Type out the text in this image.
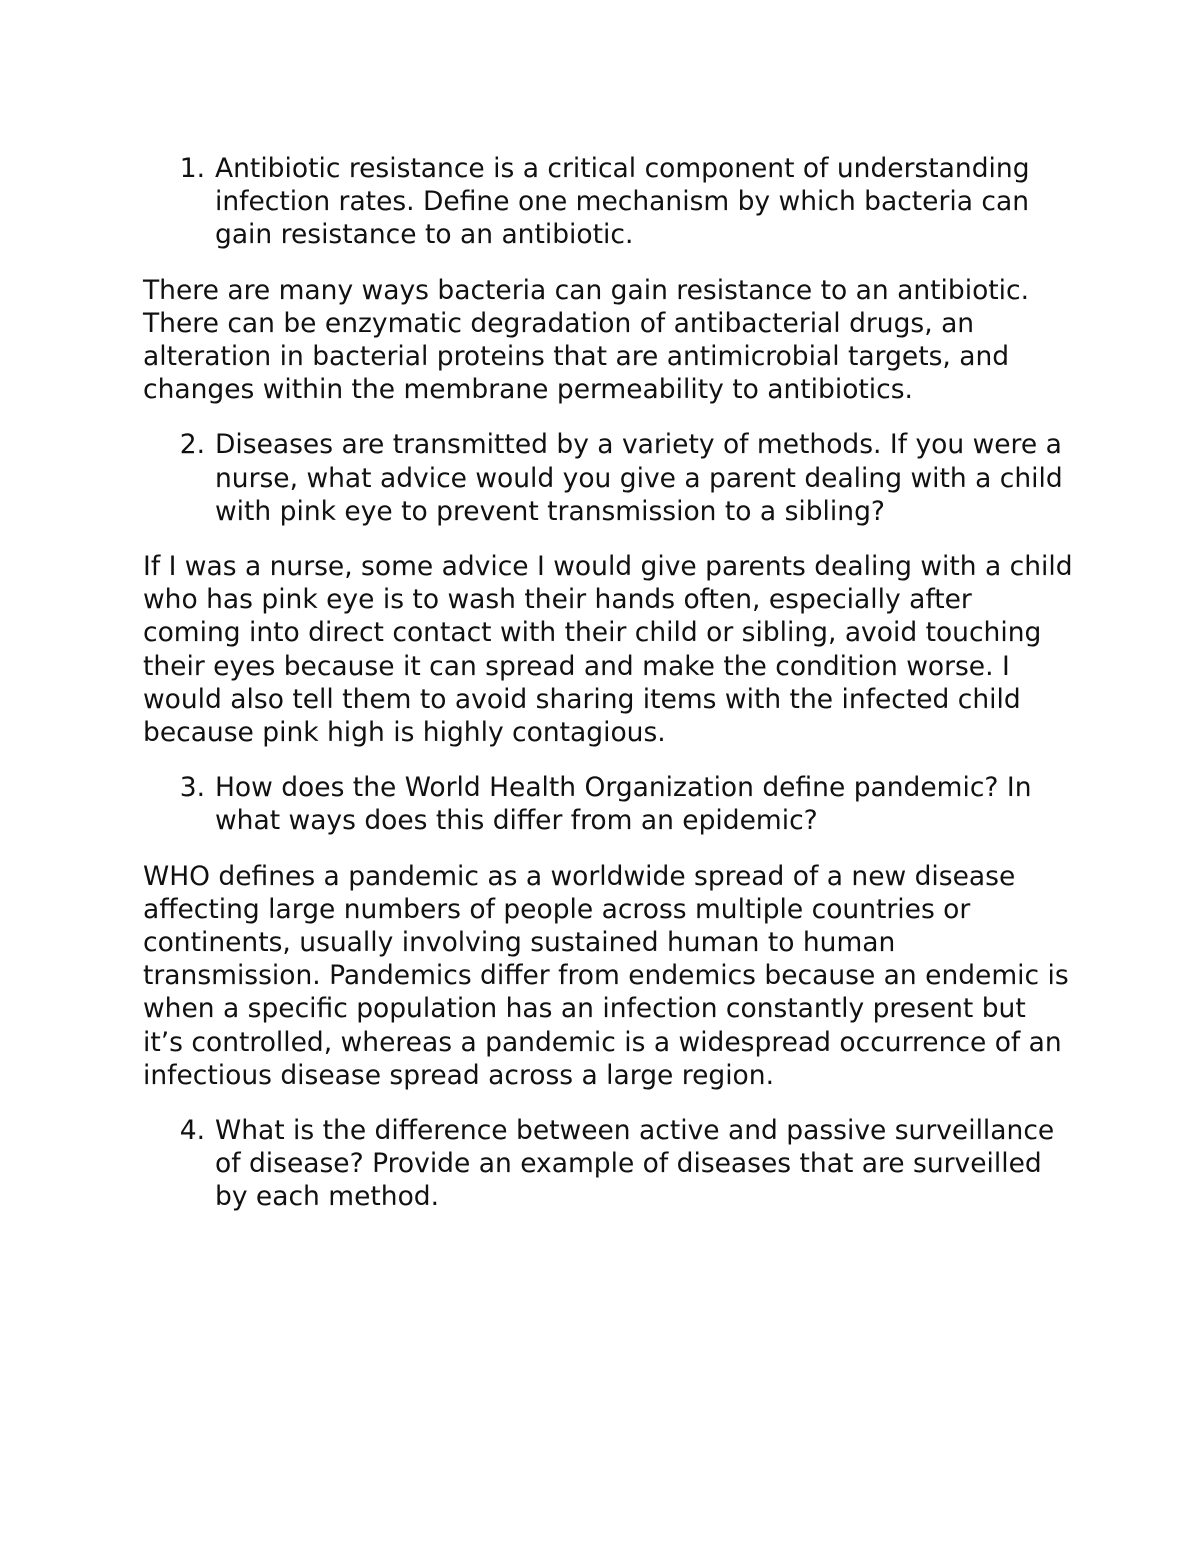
1. Antibiotic resistance is a critical component of understanding infection rates. Define one mechanism by which bacteria can gain resistance to an antibiotic.

There are many ways bacteria can gain resistance to an antibiotic. There can be enzymatic degradation of antibacterial drugs, an alteration in bacterial proteins that are antimicrobial targets, and changes within the membrane permeability to antibiotics.

2. Diseases are transmitted by a variety of methods. If you were a nurse, what advice would you give a parent dealing with a child with pink eye to prevent transmission to a sibling?

If I was a nurse, some advice I would give parents dealing with a child who has pink eye is to wash their hands often, especially after coming into direct contact with their child or sibling, avoid touching their eyes because it can spread and make the condition worse. I would also tell them to avoid sharing items with the infected child because pink high is highly contagious.

3. How does the World Health Organization define pandemic? In what ways does this differ from an epidemic?

WHO defines a pandemic as a worldwide spread of a new disease affecting large numbers of people across multiple countries or continents, usually involving sustained human to human transmission. Pandemics differ from endemics because an endemic is when a specific population has an infection constantly present but it’s controlled, whereas a pandemic is a widespread occurrence of an infectious disease spread across a large region.

4. What is the difference between active and passive surveillance of disease? Provide an example of diseases that are surveilled by each method.
